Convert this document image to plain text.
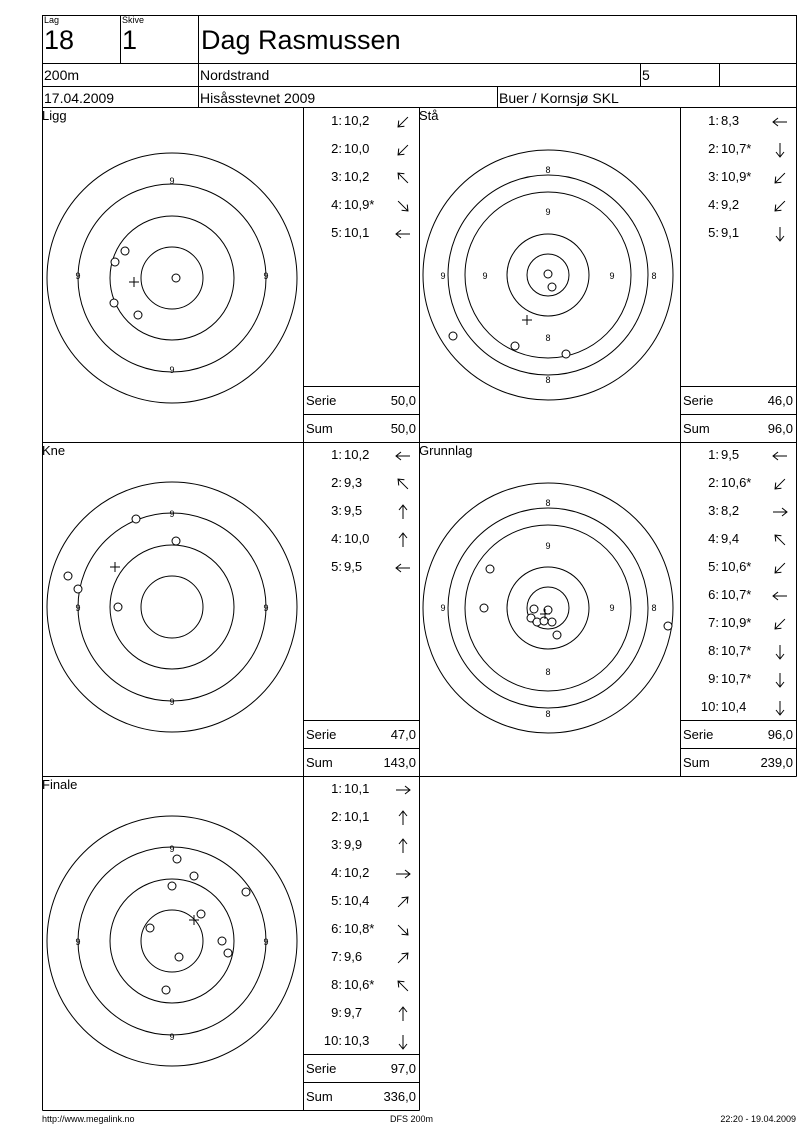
Lag
18
Skive
1 Dag Rasmussen
200m	Nordstrand	5
17.04.2009	Hisåsstevnet 2009	Buer / Kornsjø SKL
Ligg
9
9	9
9
1: 10,2
2: 10,0
3: 10,2
4: 10,9*
5: 10,1
Serie	50,0
Sum	50,0
Stå
8
9	9
9
8
8
9
8
1: 8,3
2: 10,7*
3: 10,9*
4: 9,2
5: 9,1
Serie	46,0
Sum	96,0
Kne
9
9	9
9
1: 10,2
2: 9,3
3: 9,5
4: 10,0
5: 9,5
Serie	47,0
Sum	143,0
Grunnlag
8
9
9
8
8
9
8
1: 9,5
2: 10,6*
3: 8,2
4: 9,4
5: 10,6*
6: 10,7*
7: 10,9*
8: 10,7*
9: 10,7*
10: 10,4
Serie	96,0
Sum	239,0
Finale
9
9	9
9
1: 10,1
2: 10,1
3: 9,9
4: 10,2
5: 10,4
6: 10,8*
7: 9,6
8: 10,6*
9: 9,7
10: 10,3
Serie	97,0
Sum	336,0
http://www.megalink.no	DFS 200m	22:20 - 19.04.2009
